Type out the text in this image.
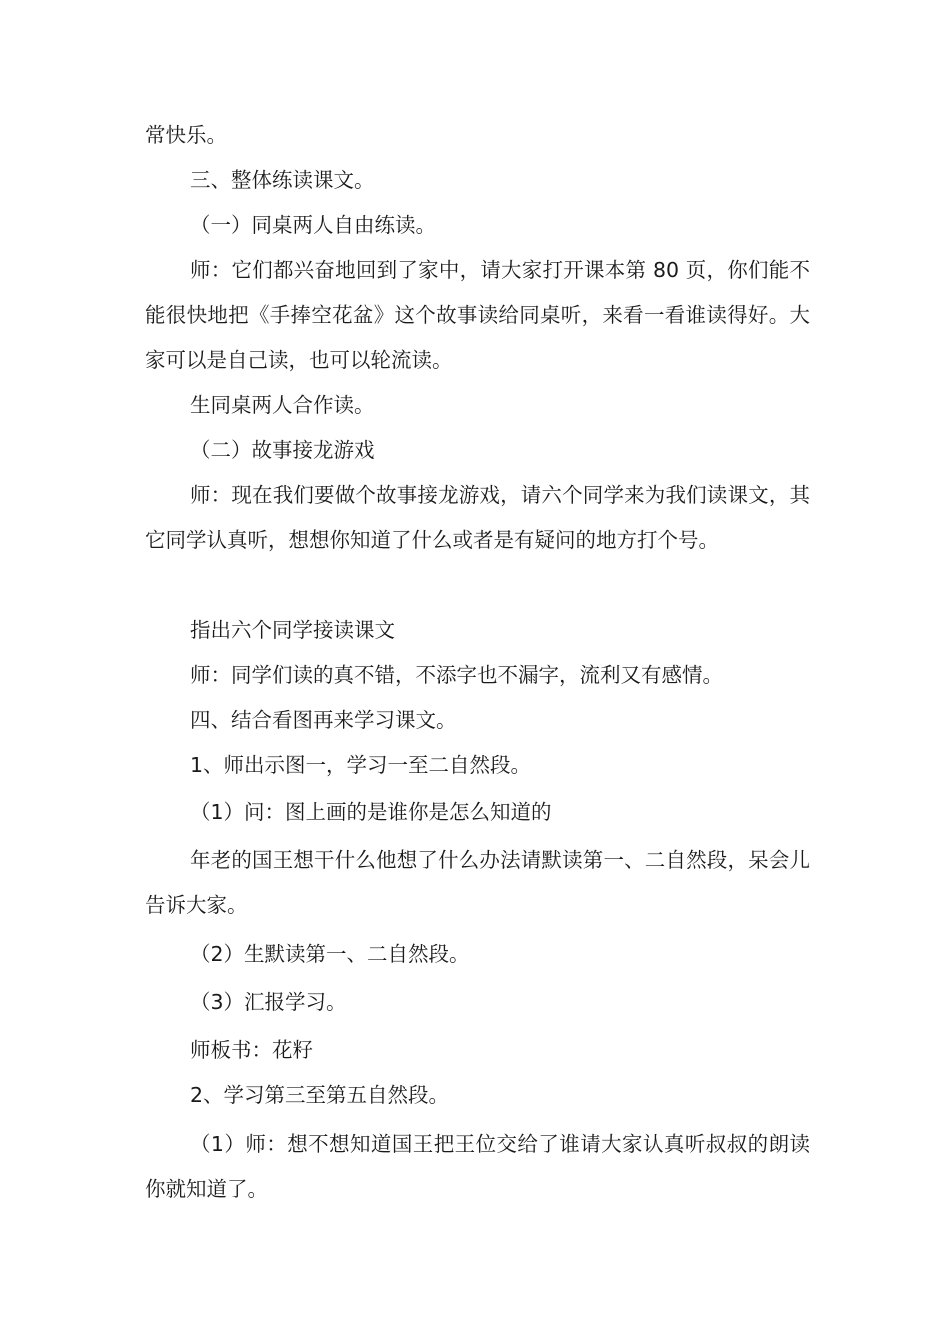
常快乐。

三、整体练读课文。

（一）同桌两人自由练读。

师：它们都兴奋地回到了家中，请大家打开课本第 80 页，你们能不能很快地把《手捧空花盆》这个故事读给同桌听，来看一看谁读得好。大家可以是自己读，也可以轮流读。

生同桌两人合作读。

（二）故事接龙游戏

师：现在我们要做个故事接龙游戏，请六个同学来为我们读课文，其它同学认真听，想想你知道了什么或者是有疑问的地方打个号。

指出六个同学接读课文

师：同学们读的真不错，不添字也不漏字，流利又有感情。

四、结合看图再来学习课文。

1、师出示图一，学习一至二自然段。

（1）问：图上画的是谁你是怎么知道的

年老的国王想干什么他想了什么办法请默读第一、二自然段，呆会儿告诉大家。

（2）生默读第一、二自然段。

（3）汇报学习。

师板书：花籽

2、学习第三至第五自然段。

（1）师：想不想知道国王把王位交给了谁请大家认真听叔叔的朗读你就知道了。
